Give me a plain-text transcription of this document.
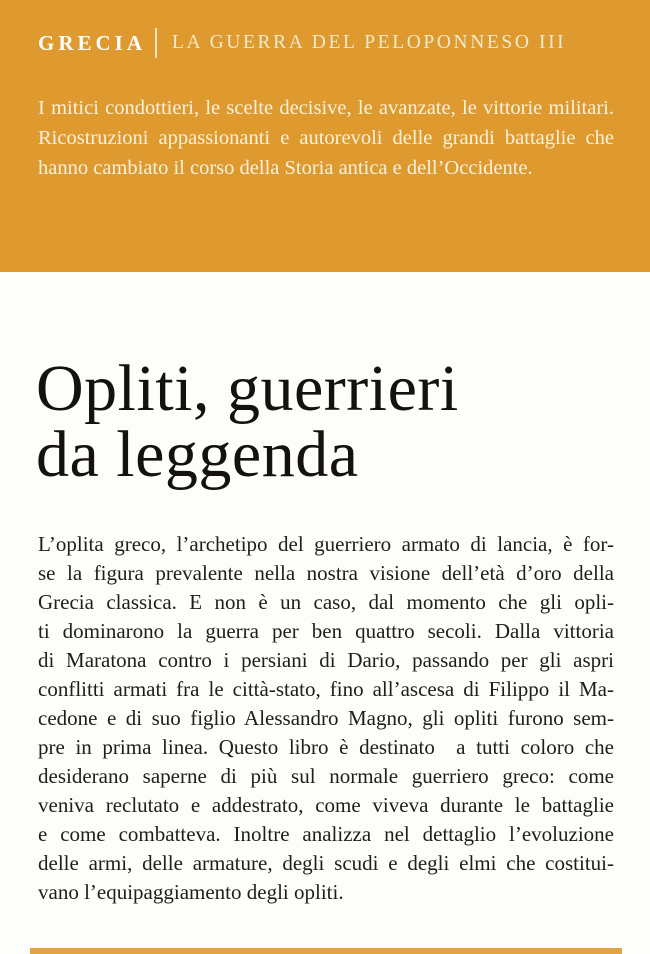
GRECIA LA GUERRA DEL PELOPONNESO III
I mitici condottieri, le scelte decisive, le avanzate, le vittorie militari.
Ricostruzioni appassionanti e autorevoli delle grandi battaglie che
hanno cambiato il corso della Storia antica e dell’Occidente.
Opliti, guerrieri
da leggenda
L’oplita greco, l’archetipo del guerriero armato di lancia, è for-
se la figura prevalente nella nostra visione dell’età d’oro della
Grecia classica. E non è un caso, dal momento che gli opli-
ti dominarono la guerra per ben quattro secoli. Dalla vittoria
di Maratona contro i persiani di Dario, passando per gli aspri
conflitti armati fra le città-stato, fino all’ascesa di Filippo il Ma-
cedone e di suo figlio Alessandro Magno, gli opliti furono sem-
pre in prima linea. Questo libro è destinato  a tutti coloro che
desiderano saperne di più sul normale guerriero greco: come
veniva reclutato e addestrato, come viveva durante le battaglie
e come combatteva. Inoltre analizza nel dettaglio l’evoluzione
delle armi, delle armature, degli scudi e degli elmi che costitui-
vano l’equipaggiamento degli opliti.
